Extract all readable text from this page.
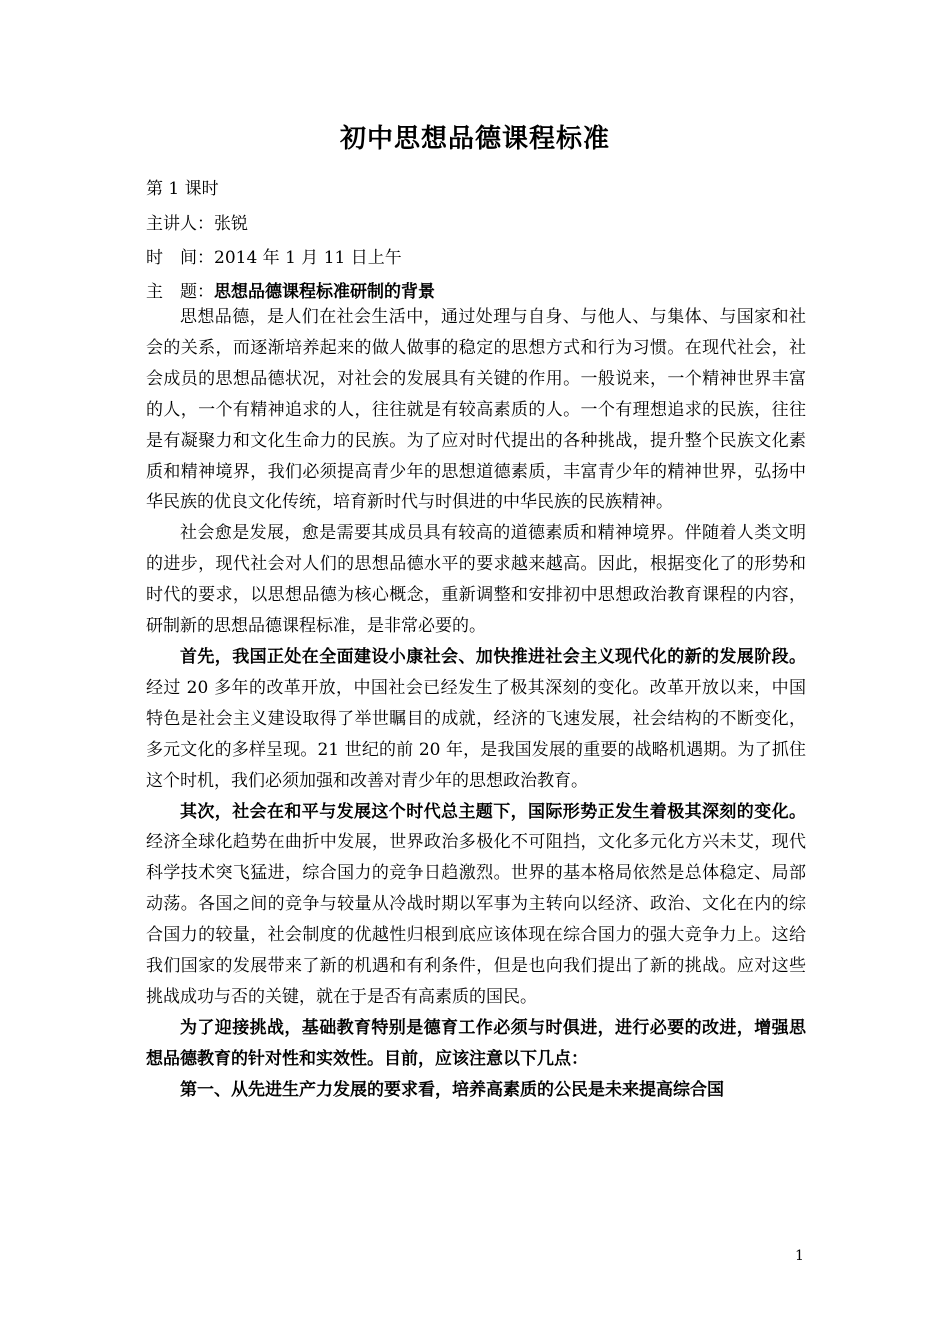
初中思想品德课程标准
第 1 课时
主讲人：张锐
时　间：2014 年 1 月 11 日上午
主　题：思想品德课程标准研制的背景

思想品德，是人们在社会生活中，通过处理与自身、与他人、与集体、与国家和社会的关系，而逐渐培养起来的做人做事的稳定的思想方式和行为习惯。在现代社会，社会成员的思想品德状况，对社会的发展具有关键的作用。一般说来，一个精神世界丰富的人，一个有精神追求的人，往往就是有较高素质的人。一个有理想追求的民族，往往是有凝聚力和文化生命力的民族。为了应对时代提出的各种挑战，提升整个民族文化素质和精神境界，我们必须提高青少年的思想道德素质，丰富青少年的精神世界，弘扬中华民族的优良文化传统，培育新时代与时俱进的中华民族的民族精神。

社会愈是发展，愈是需要其成员具有较高的道德素质和精神境界。伴随着人类文明的进步，现代社会对人们的思想品德水平的要求越来越高。因此，根据变化了的形势和时代的要求，以思想品德为核心概念，重新调整和安排初中思想政治教育课程的内容，研制新的思想品德课程标准，是非常必要的。

首先，我国正处在全面建设小康社会、加快推进社会主义现代化的新的发展阶段。经过 20 多年的改革开放，中国社会已经发生了极其深刻的变化。改革开放以来，中国特色是社会主义建设取得了举世瞩目的成就，经济的飞速发展，社会结构的不断变化，多元文化的多样呈现。21 世纪的前 20 年，是我国发展的重要的战略机遇期。为了抓住这个时机，我们必须加强和改善对青少年的思想政治教育。

其次，社会在和平与发展这个时代总主题下，国际形势正发生着极其深刻的变化。经济全球化趋势在曲折中发展，世界政治多极化不可阻挡，文化多元化方兴未艾，现代科学技术突飞猛进，综合国力的竞争日趋激烈。世界的基本格局依然是总体稳定、局部动荡。各国之间的竞争与较量从冷战时期以军事为主转向以经济、政治、文化在内的综合国力的较量，社会制度的优越性归根到底应该体现在综合国力的强大竞争力上。这给我们国家的发展带来了新的机遇和有利条件，但是也向我们提出了新的挑战。应对这些挑战成功与否的关键，就在于是否有高素质的国民。

为了迎接挑战，基础教育特别是德育工作必须与时俱进，进行必要的改进，增强思想品德教育的针对性和实效性。目前，应该注意以下几点：

第一、从先进生产力发展的要求看，培养高素质的公民是未来提高综合国

1
